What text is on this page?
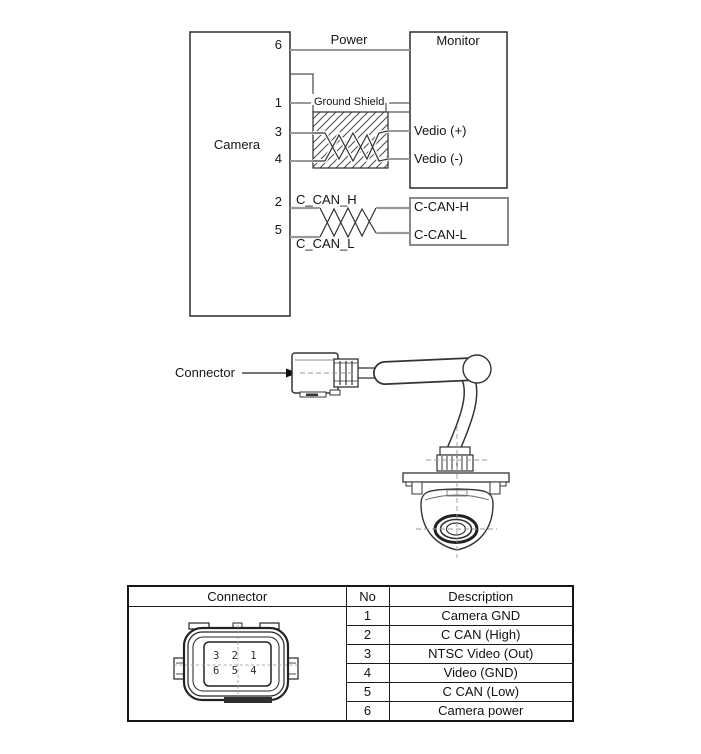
Camera
6
1
3
4
2
5
Monitor
Power
Ground Shield
Vedio (+)
Vedio (-)
C_CAN_H
C_CAN_L
C-CAN-H
C-CAN-L
Connector
Connector	No	Description

3 2 1
6 5 4	1	Camera GND
	2	C CAN (High)
	3	NTSC Video (Out)
	4	Video (GND)
	5	C CAN (Low)
	6	Camera power
